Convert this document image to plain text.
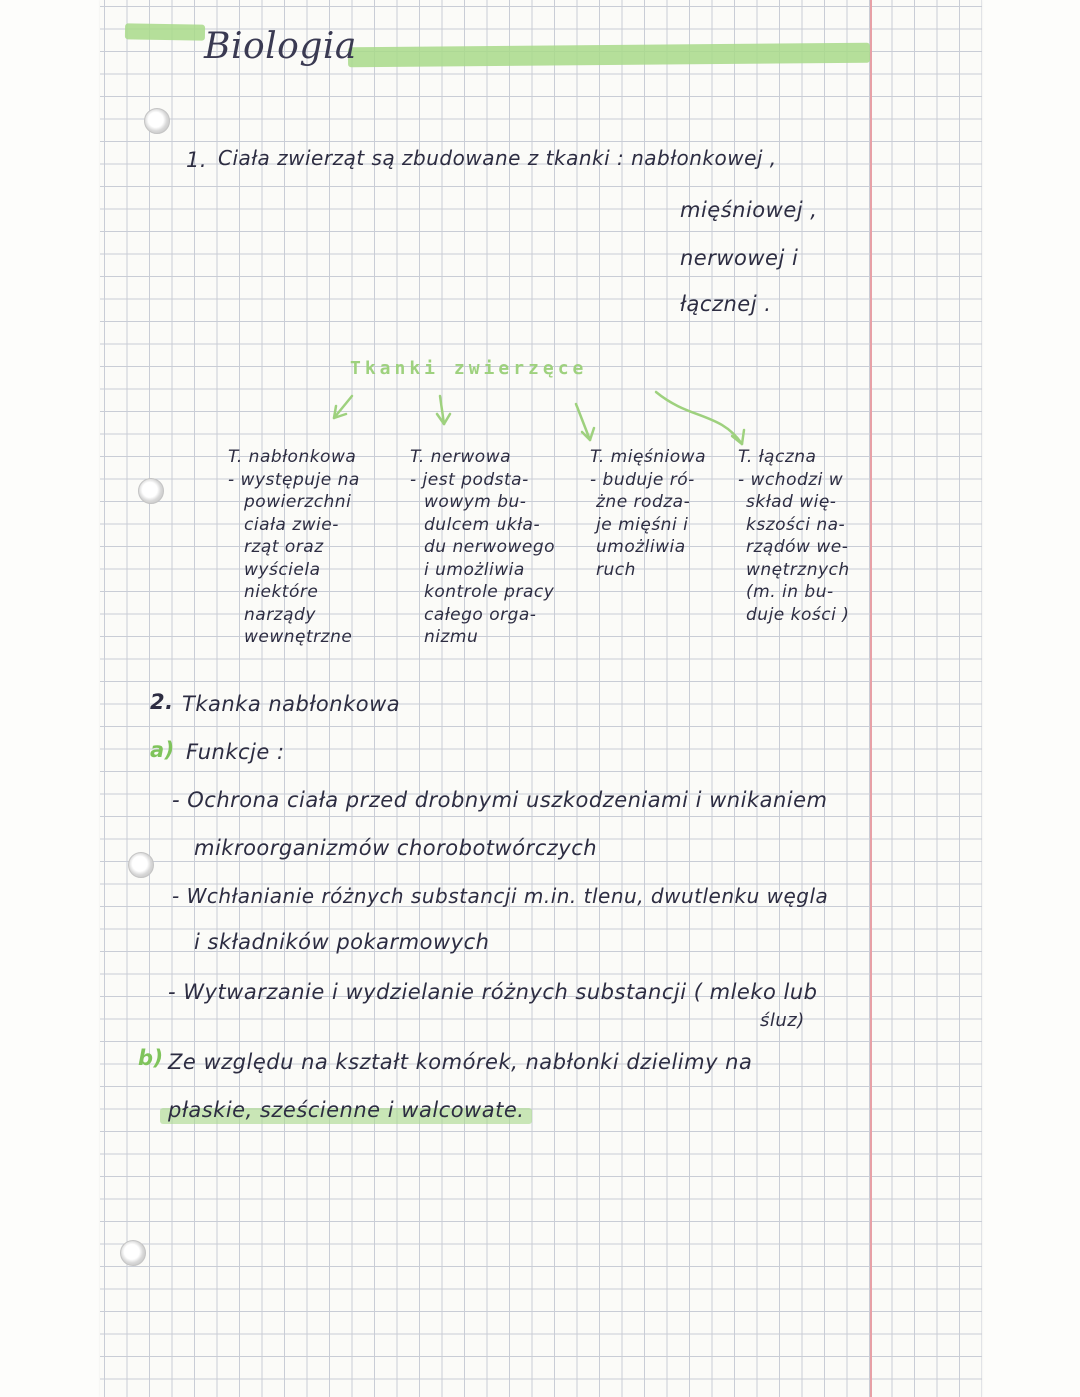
Biologia
1. Ciała zwierząt są zbudowane z tkanki : nabłonkowej ,
mięśniowej ,
nerwowej i
łącznej .
Tkanki zwierzęce
T. nabłonkowa
- występuje na
powierzchni
ciała zwie-
rząt oraz
wyściela
niektóre
narządy
wewnętrzne
T. nerwowa
- jest podsta-
wowym bu-
dulcem ukła-
du nerwowego
i umożliwia
kontrole pracy
całego orga-
nizmu
T. mięśniowa
- buduje ró-
żne rodza-
je mięśni i
umożliwia
ruch
T. łączna
- wchodzi w
skład wię-
kszości na-
rządów we-
wnętrznych
(m. in bu-
duje kości )
2. Tkanka nabłonkowa
a) Funkcje :
- Ochrona ciała przed drobnymi uszkodzeniami i wnikaniem
mikroorganizmów chorobotwórczych
- Wchłanianie różnych substancji m.in. tlenu, dwutlenku węgla
i składników pokarmowych
- Wytwarzanie i wydzielanie różnych substancji ( mleko lub
śluz)
b) Ze względu na kształt komórek, nabłonki dzielimy na
płaskie, sześcienne i walcowate.
